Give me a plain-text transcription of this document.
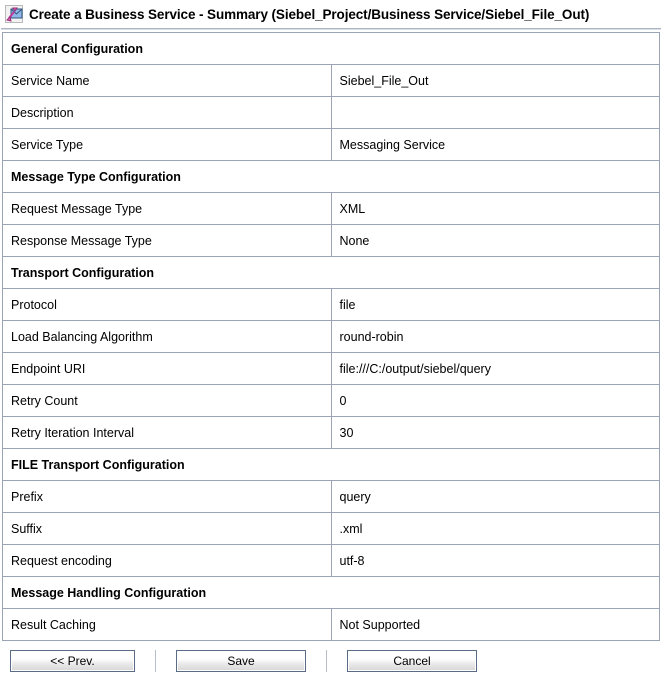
Create a Business Service - Summary (Siebel_Project/Business Service/Siebel_File_Out)
General Configuration	
Service Name	Siebel_File_Out
Description	
Service Type	Messaging Service
Message Type Configuration	
Request Message Type	XML
Response Message Type	None
Transport Configuration	
Protocol	file
Load Balancing Algorithm	round-robin
Endpoint URI	file:///C:/output/siebel/query
Retry Count	0
Retry Iteration Interval	30
FILE Transport Configuration	
Prefix	query
Suffix	.xml
Request encoding	utf-8
Message Handling Configuration	
Result Caching	Not Supported
<< Prev.	Save	Cancel
